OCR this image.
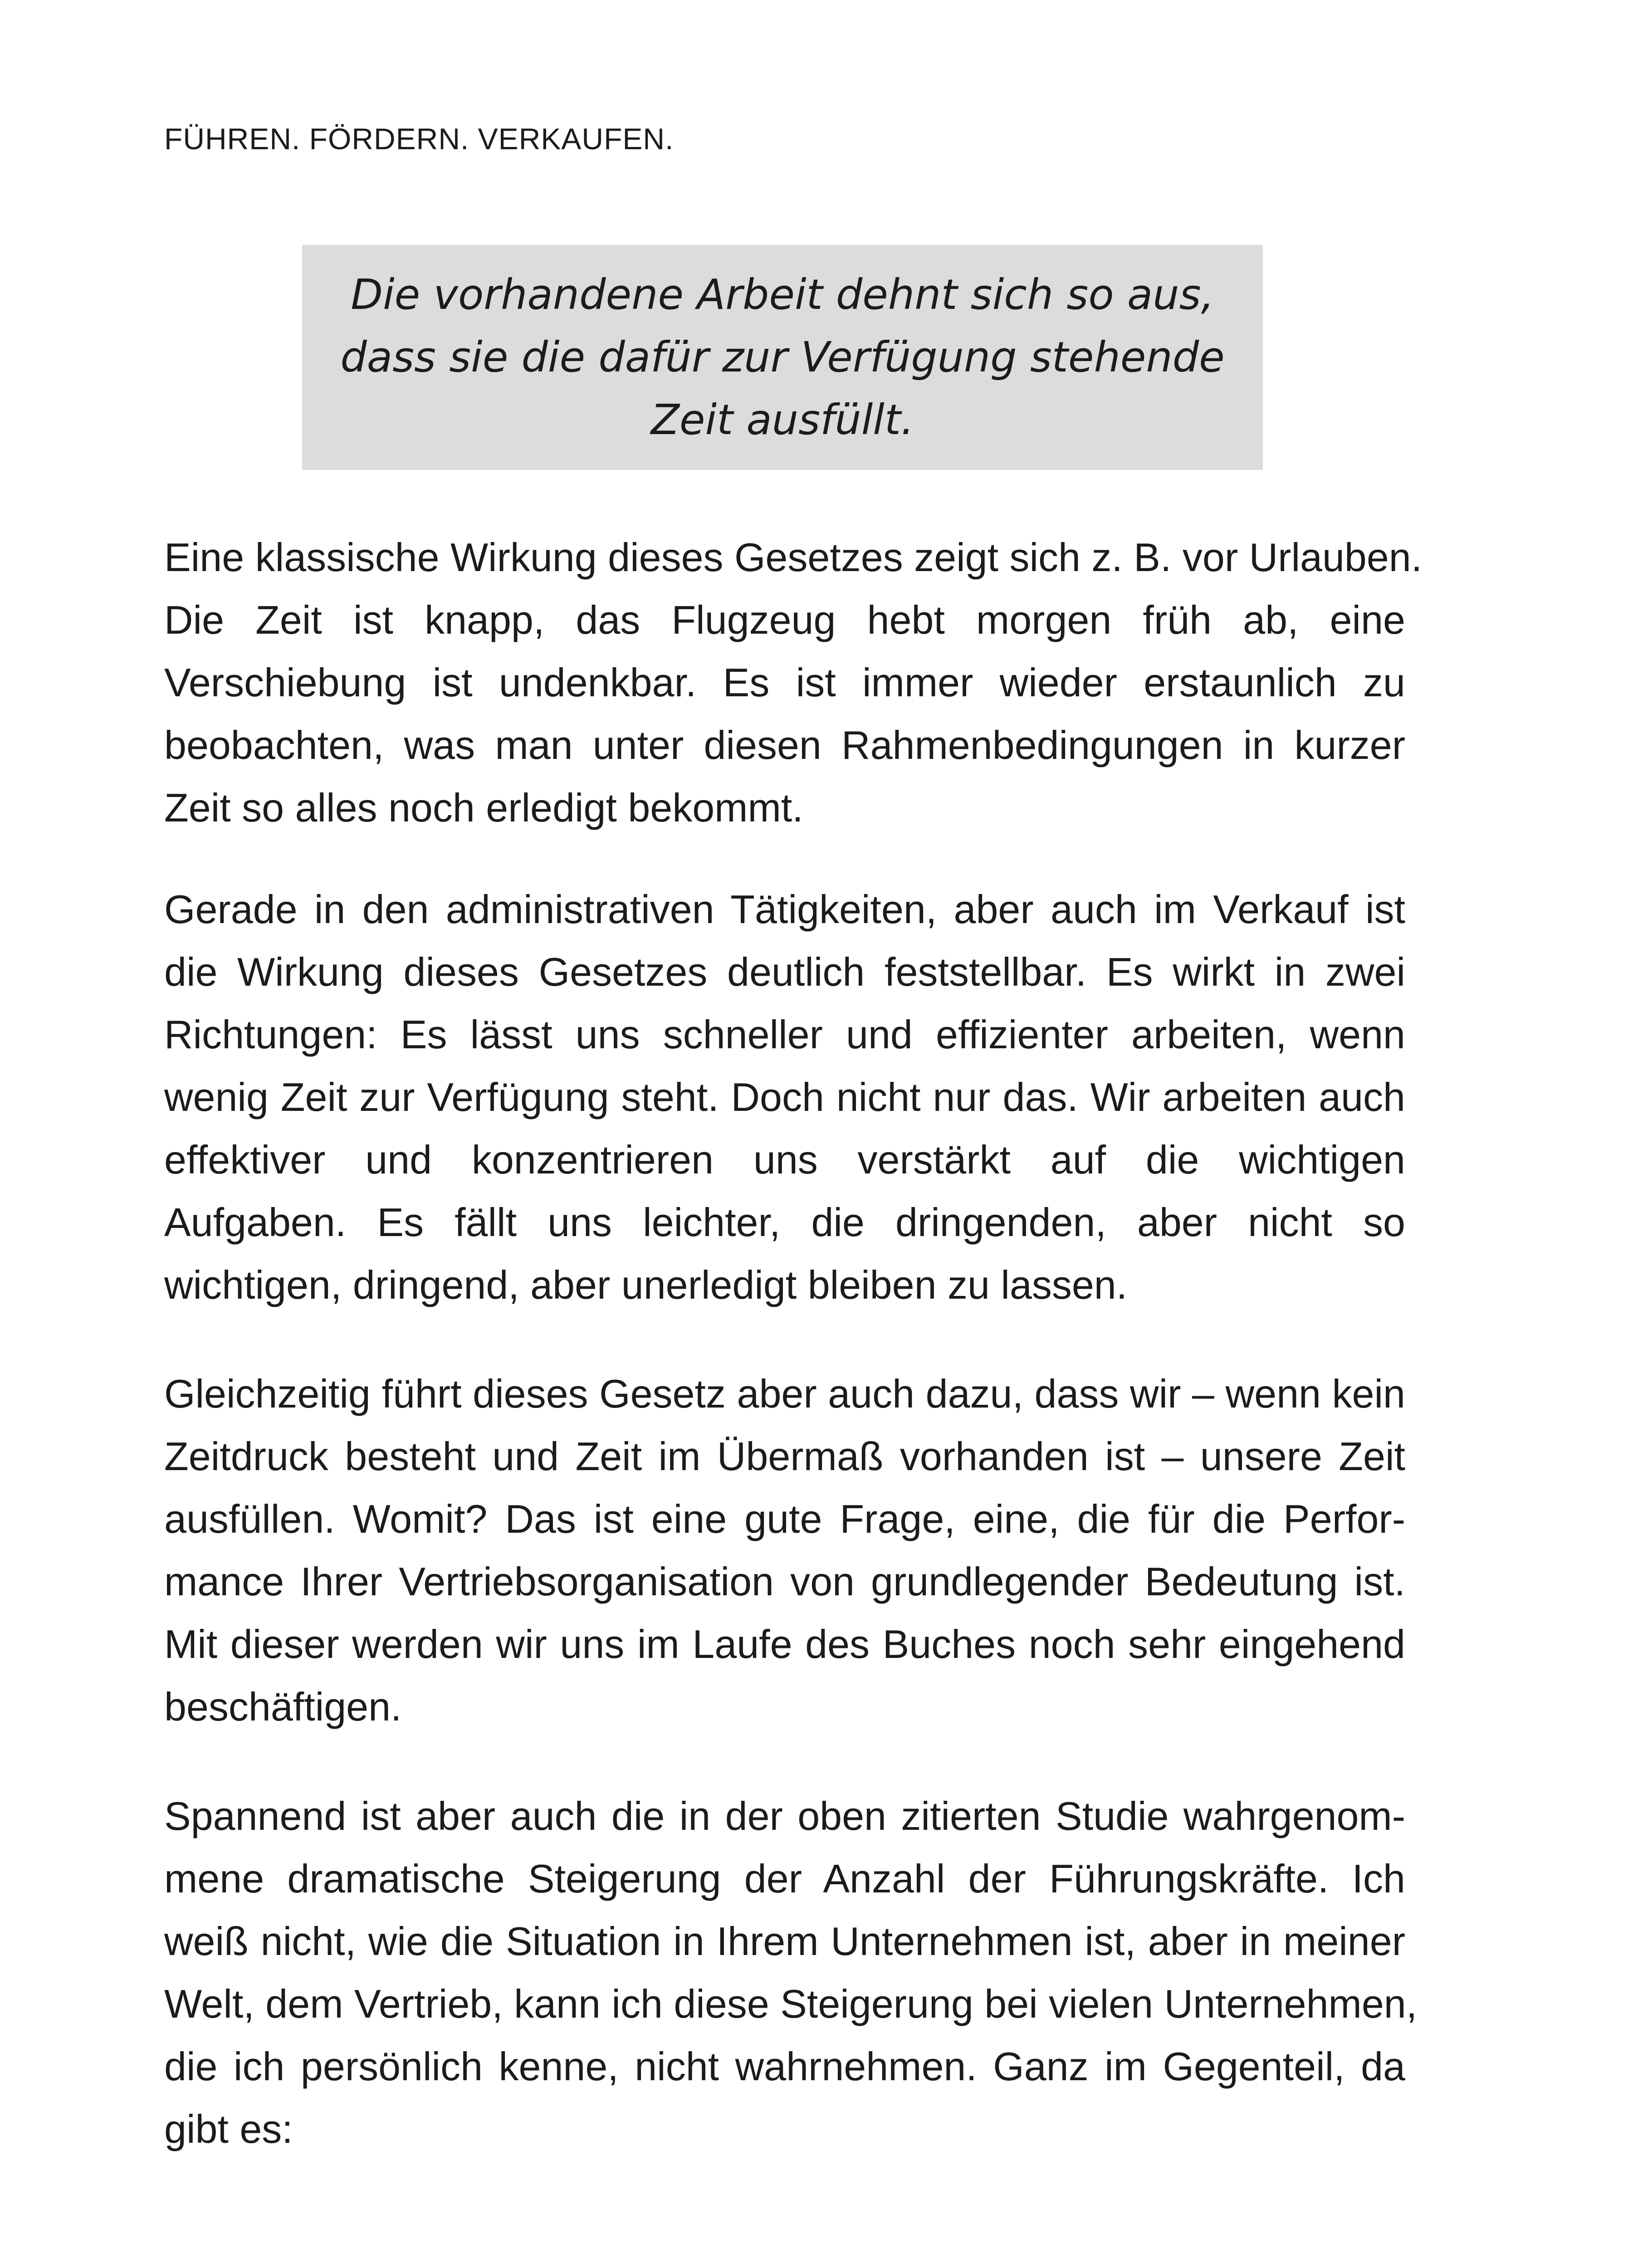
FÜHREN. FÖRDERN. VERKAUFEN.
Die vorhandene Arbeit dehnt sich so aus,
dass sie die dafür zur Verfügung stehende
Zeit ausfüllt.
Eine klassische Wirkung dieses Gesetzes zeigt sich z. B. vor Urlauben.
Die Zeit ist knapp, das Flugzeug hebt morgen früh ab, eine
Verschiebung ist undenkbar. Es ist immer wieder erstaunlich zu
beobachten, was man unter diesen Rahmenbedingungen in kurzer
Zeit so alles noch erledigt bekommt.
Gerade in den administrativen Tätigkeiten, aber auch im Verkauf ist
die Wirkung dieses Gesetzes deutlich feststellbar. Es wirkt in zwei
Richtungen: Es lässt uns schneller und effizienter arbeiten, wenn
wenig Zeit zur Verfügung steht. Doch nicht nur das. Wir arbeiten auch
effektiver und konzentrieren uns verstärkt auf die wichtigen
Aufgaben. Es fällt uns leichter, die dringenden, aber nicht so
wichtigen, dringend, aber unerledigt bleiben zu lassen.
Gleichzeitig führt dieses Gesetz aber auch dazu, dass wir – wenn kein
Zeitdruck besteht und Zeit im Übermaß vorhanden ist – unsere Zeit
ausfüllen. Womit? Das ist eine gute Frage, eine, die für die Perfor-
mance Ihrer Vertriebsorganisation von grundlegender Bedeutung ist.
Mit dieser werden wir uns im Laufe des Buches noch sehr eingehend
beschäftigen.
Spannend ist aber auch die in der oben zitierten Studie wahrgenom-
mene dramatische Steigerung der Anzahl der Führungskräfte. Ich
weiß nicht, wie die Situation in Ihrem Unternehmen ist, aber in meiner
Welt, dem Vertrieb, kann ich diese Steigerung bei vielen Unternehmen,
die ich persönlich kenne, nicht wahrnehmen. Ganz im Gegenteil, da
gibt es:
